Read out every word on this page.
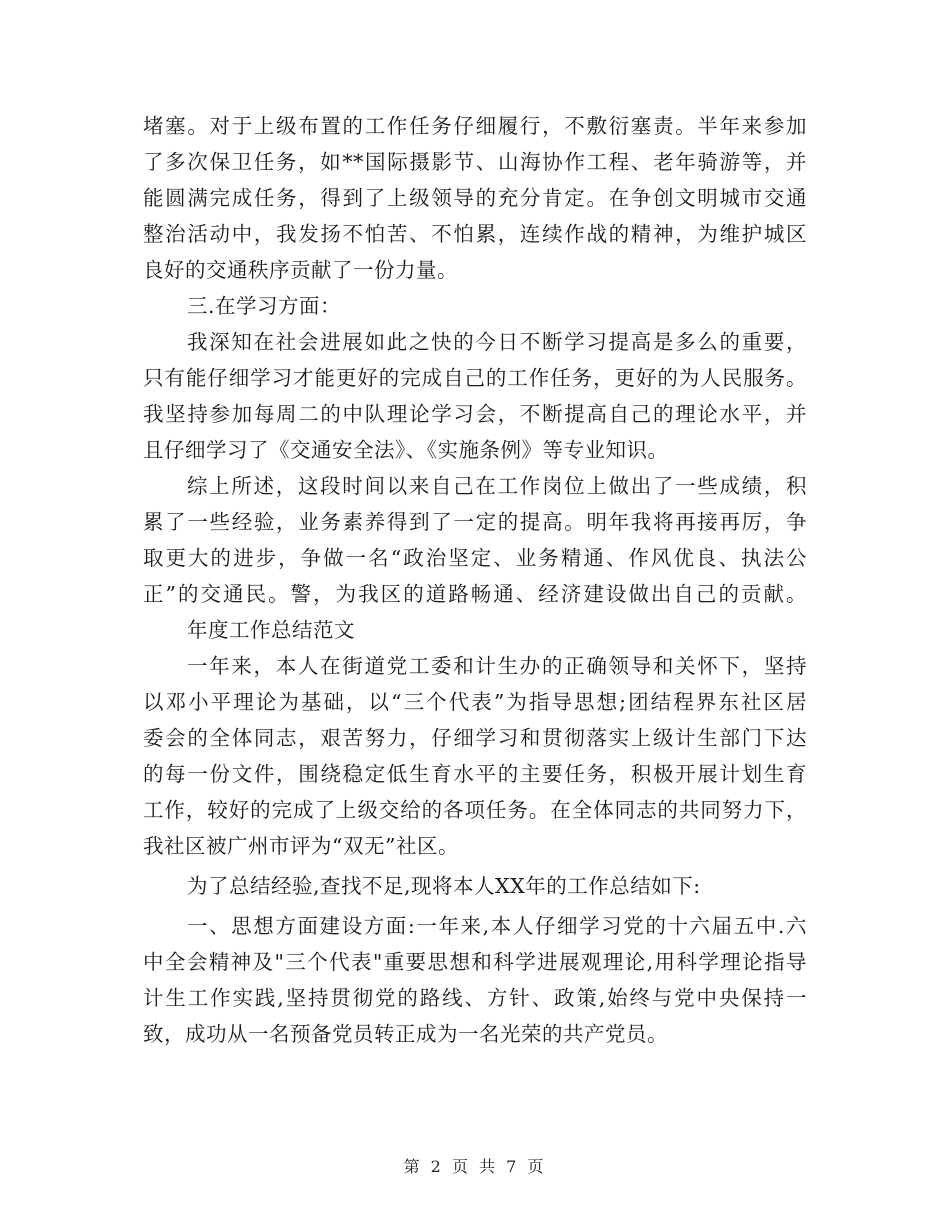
堵塞。对于上级布置的工作任务仔细履行，不敷衍塞责。半年来参加
了多次保卫任务，如**国际摄影节、山海协作工程、老年骑游等，并
能圆满完成任务，得到了上级领导的充分肯定。在争创文明城市交通
整治活动中，我发扬不怕苦、不怕累，连续作战的精神，为维护城区
良好的交通秩序贡献了一份力量。
三.在学习方面：
我深知在社会进展如此之快的今日不断学习提高是多么的重要，
只有能仔细学习才能更好的完成自己的工作任务，更好的为人民服务。
我坚持参加每周二的中队理论学习会，不断提高自己的理论水平，并
且仔细学习了《交通安全法》、《实施条例》等专业知识。
综上所述，这段时间以来自己在工作岗位上做出了一些成绩，积
累了一些经验，业务素养得到了一定的提高。明年我将再接再厉，争
取更大的进步，争做一名“政治坚定、业务精通、作风优良、执法公
正”的交通民。警，为我区的道路畅通、经济建设做出自己的贡献。
年度工作总结范文
一年来，本人在街道党工委和计生办的正确领导和关怀下，坚持
以邓小平理论为基础，以“三个代表”为指导思想;团结程界东社区居
委会的全体同志，艰苦努力，仔细学习和贯彻落实上级计生部门下达
的每一份文件，围绕稳定低生育水平的主要任务，积极开展计划生育
工作，较好的完成了上级交给的各项任务。在全体同志的共同努力下，
我社区被广州市评为“双无”社区。
为了总结经验,查找不足,现将本人XX年的工作总结如下:
一、思想方面建设方面:一年来,本人仔细学习党的十六届五中.六
中全会精神及"三个代表"重要思想和科学进展观理论,用科学理论指导
计生工作实践,坚持贯彻党的路线、方针、政策,始终与党中央保持一
致，成功从一名预备党员转正成为一名光荣的共产党员。
第 2 页 共 7 页
